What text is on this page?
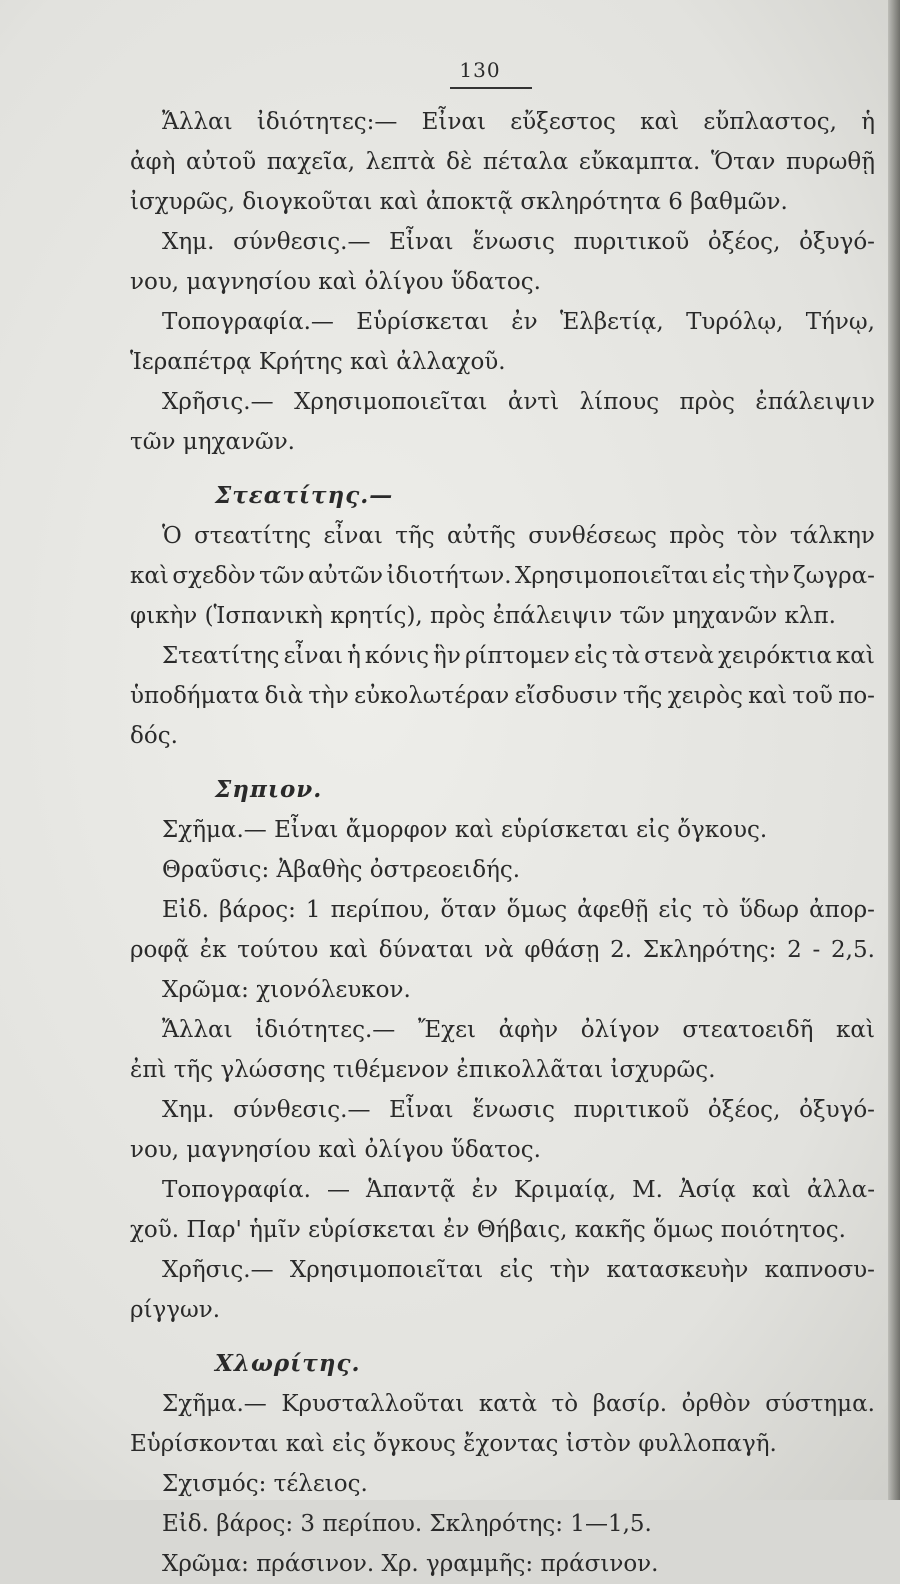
130
Ἄλλαι ἰδιότητες:— Εἶναι εὔξεστος καὶ εὔπλαστος, ἡ
ἀφὴ αὐτοῦ παχεῖα, λεπτὰ δὲ πέταλα εὔκαμπτα. Ὅταν πυρωθῇ
ἰσχυρῶς, διογκοῦται καὶ ἀποκτᾷ σκληρότητα 6 βαθμῶν.
Χημ. σύνθεσις.— Εἶναι ἕνωσις πυριτικοῦ ὀξέος, ὀξυγό-
νου, μαγνησίου καὶ ὀλίγου ὕδατος.
Τοπογραφία.— Εὑρίσκεται ἐν Ἑλβετίᾳ, Τυρόλῳ, Τήνῳ,
Ἱεραπέτρᾳ Κρήτης καὶ ἀλλαχοῦ.
Χρῆσις.— Χρησιμοποιεῖται ἀντὶ λίπους πρὸς ἐπάλειψιν
τῶν μηχανῶν.
Στεατίτης.—
Ὁ στεατίτης εἶναι τῆς αὐτῆς συνθέσεως πρὸς τὸν τάλκην
καὶ σχεδὸν τῶν αὐτῶν ἰδιοτήτων. Χρησιμοποιεῖται εἰς τὴν ζωγρα-
φικὴν (Ἱσπανικὴ κρητίς), πρὸς ἐπάλειψιν τῶν μηχανῶν κλπ.
Στεατίτης εἶναι ἡ κόνις ἣν ρίπτομεν εἰς τὰ στενὰ χειρόκτια καὶ
ὑποδήματα διὰ τὴν εὐκολωτέραν εἴσδυσιν τῆς χειρὸς καὶ τοῦ πο-
δός.
Σηπιον.
Σχῆμα.— Εἶναι ἄμορφον καὶ εὑρίσκεται εἰς ὄγκους.
Θραῦσις: Ἀβαθὴς ὀστρεοειδής.
Εἰδ. βάρος: 1 περίπου, ὅταν ὅμως ἀφεθῇ εἰς τὸ ὕδωρ ἀπορ-
ροφᾷ ἐκ τούτου καὶ δύναται νὰ φθάσῃ 2. Σκληρότης: 2 - 2,5.
Χρῶμα: χιονόλευκον.
Ἄλλαι ἰδιότητες.— Ἔχει ἀφὴν ὀλίγον στεατοειδῆ καὶ
ἐπὶ τῆς γλώσσης τιθέμενον ἐπικολλᾶται ἰσχυρῶς.
Χημ. σύνθεσις.— Εἶναι ἕνωσις πυριτικοῦ ὀξέος, ὀξυγό-
νου, μαγνησίου καὶ ὀλίγου ὕδατος.
Τοπογραφία. — Ἁπαντᾷ ἐν Κριμαίᾳ, Μ. Ἀσίᾳ καὶ ἀλλα-
χοῦ. Παρ' ἡμῖν εὑρίσκεται ἐν Θήβαις, κακῆς ὅμως ποιότητος.
Χρῆσις.— Χρησιμοποιεῖται εἰς τὴν κατασκευὴν καπνοσυ-
ρίγγων.
Χλωρίτης.
Σχῆμα.— Κρυσταλλοῦται κατὰ τὸ βασίρ. ὀρθὸν σύστημα.
Εὑρίσκονται καὶ εἰς ὄγκους ἔχοντας ἱστὸν φυλλοπαγῆ.
Σχισμός: τέλειος.
Εἰδ. βάρος: 3 περίπου. Σκληρότης: 1—1,5.
Χρῶμα: πράσινον. Χρ. γραμμῆς: πράσινον.
